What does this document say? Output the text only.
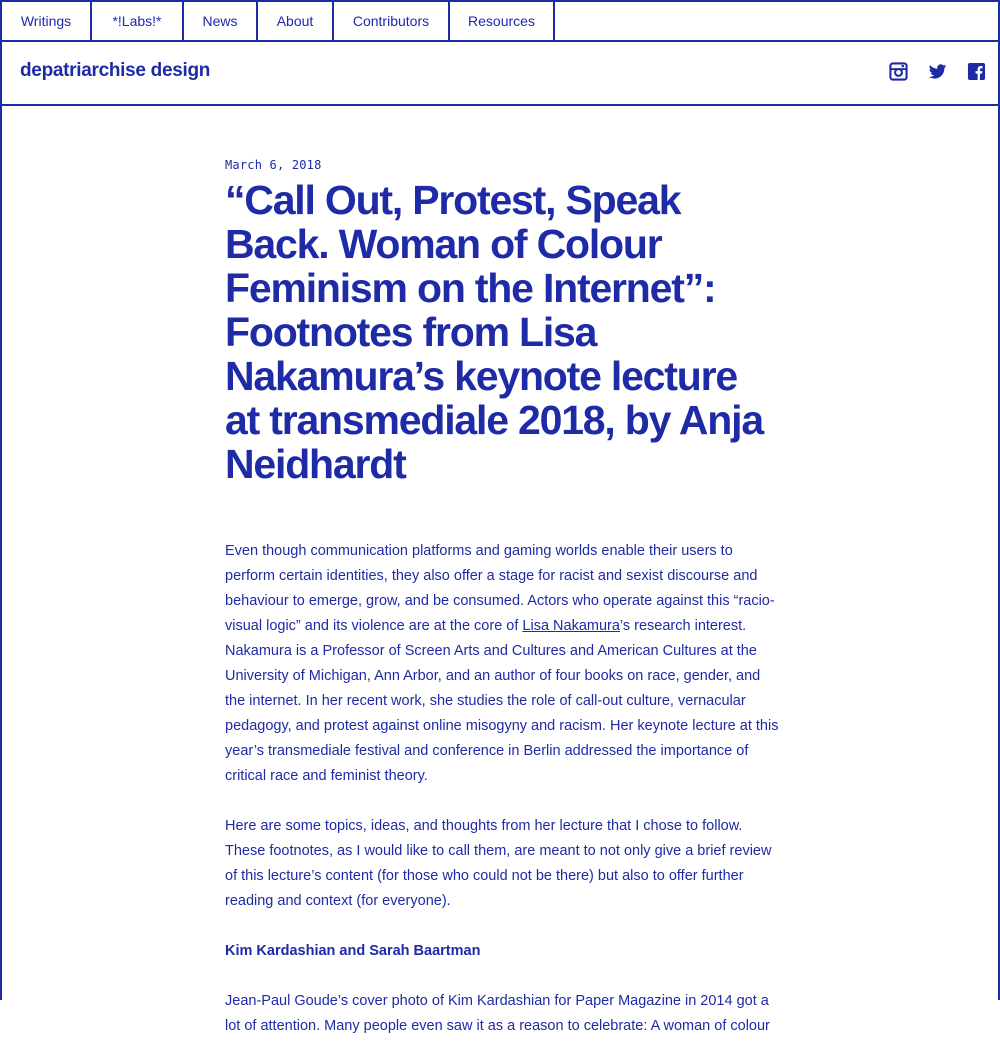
Writings	*!Labs!*	News	About	Contributors	Resources
depatriarchise design
March 6, 2018
“Call Out, Protest, Speak Back. Woman of Colour Feminism on the Internet”: Footnotes from Lisa Nakamura’s keynote lecture at transmediale 2018, by Anja Neidhardt

Even though communication platforms and gaming worlds enable their users to perform certain identities, they also offer a stage for racist and sexist discourse and behaviour to emerge, grow, and be consumed. Actors who operate against this “racio-visual logic” and its violence are at the core of Lisa Nakamura’s research interest. Nakamura is a Professor of Screen Arts and Cultures and American Cultures at the University of Michigan, Ann Arbor, and an author of four books on race, gender, and the internet. In her recent work, she studies the role of call-out culture, vernacular pedagogy, and protest against online misogyny and racism. Her keynote lecture at this year’s transmediale festival and conference in Berlin addressed the importance of critical race and feminist theory.

Here are some topics, ideas, and thoughts from her lecture that I chose to follow. These footnotes, as I would like to call them, are meant to not only give a brief review of this lecture’s content (for those who could not be there) but also to offer further reading and context (for everyone).

Kim Kardashian and Sarah Baartman

Jean-Paul Goude’s cover photo of Kim Kardashian for Paper Magazine in 2014 got a lot of attention. Many people even saw it as a reason to celebrate: A woman of colour
